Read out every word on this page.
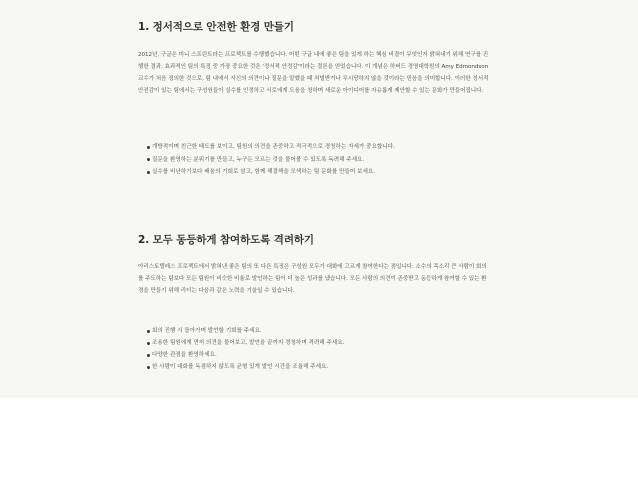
1. 정서적으로 안전한 환경 만들기

2012년, 구글은 미니 스프린트라는 프로젝트를 수행했습니다. 어떤 구글 내에 좋은 팀을 있게 하는 핵심 비결이 무엇인지 밝혀내기 위해 연구를 진행한 결과, 효과적인 팀의 특징 중 가장 중요한 것은 '정서적 안정감'이라는 결론을 얻었습니다. 이 개념은 하버드 경영대학원의 Amy Edmondson 교수가 처음 정의한 것으로, 팀 내에서 자신의 의견이나 질문을 말했을 때 처벌받거나 무시당하지 않을 것이라는 믿음을 의미합니다. 이러한 정서적 안전감이 있는 팀에서는 구성원들이 실수를 인정하고 서로에게 도움을 청하며 새로운 아이디어를 자유롭게 제안할 수 있는 문화가 만들어집니다.

개방적이며 친근한 태도를 보이고, 팀원의 의견을 존중하고 적극적으로 경청하는 자세가 중요합니다.
질문을 환영하는 분위기를 만들고, 누구든 모르는 것을 물어볼 수 있도록 독려해 주세요.
실수를 비난하기보다 배움의 기회로 삼고, 함께 해결책을 모색하는 팀 문화를 만들어 보세요.
2. 모두 동등하게 참여하도록 격려하기

아리스토텔레스 프로젝트에서 밝혀낸 좋은 팀의 또 다른 특징은 구성원 모두가 대화에 고르게 참여한다는 점입니다. 소수의 목소리 큰 사람이 회의를 주도하는 팀보다 모든 팀원이 비슷한 비율로 발언하는 팀이 더 높은 성과를 냈습니다. 모든 사람의 의견이 존중받고 동등하게 참여할 수 있는 환경을 만들기 위해 리더는 다음과 같은 노력을 기울일 수 있습니다.

회의 진행 시 돌아가며 발언할 기회를 주세요.
조용한 팀원에게 먼저 의견을 물어보고, 발언을 끝까지 경청하며 격려해 주세요.
다양한 관점을 환영하세요.
한 사람이 대화를 독점하지 않도록 균형 있게 발언 시간을 조율해 주세요.
